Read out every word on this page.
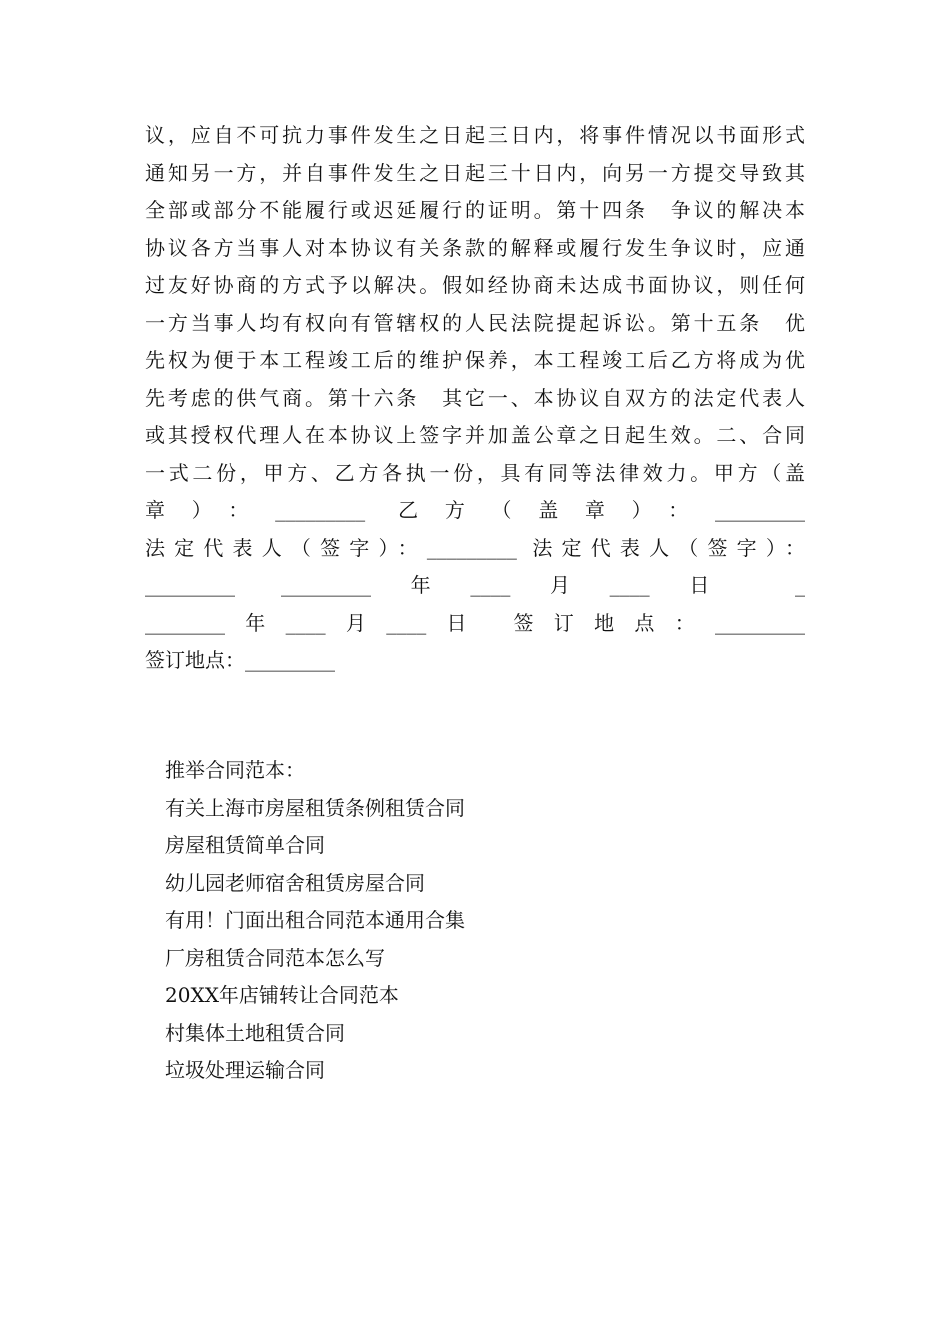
议，应自不可抗力事件发生之日起三日内，将事件情况以书面形式
通知另一方，并自事件发生之日起三十日内，向另一方提交导致其
全部或部分不能履行或迟延履行的证明。第十四条　争议的解决本
协议各方当事人对本协议有关条款的解释或履行发生争议时，应通
过友好协商的方式予以解决。假如经协商未达成书面协议，则任何
一方当事人均有权向有管辖权的人民法院提起诉讼。第十五条　优
先权为便于本工程竣工后的维护保养，本工程竣工后乙方将成为优
先考虑的供气商。第十六条　其它一、本协议自双方的法定代表人
或其授权代理人在本协议上签字并加盖公章之日起生效。二、合同
一式二份，甲方、乙方各执一份，具有同等法律效力。甲方（盖
章）：_________ 乙方（盖章）：_________
法定代表人（签字）：_________ 法定代表人（签字）：
_________ _________年____月____日 _
________年____月____日 签订地点：_________
签订地点：_________
推举合同范本：
有关上海市房屋租赁条例租赁合同
房屋租赁简单合同
幼儿园老师宿舍租赁房屋合同
有用！门面出租合同范本通用合集
厂房租赁合同范本怎么写
20XX年店铺转让合同范本
村集体土地租赁合同
垃圾处理运输合同
